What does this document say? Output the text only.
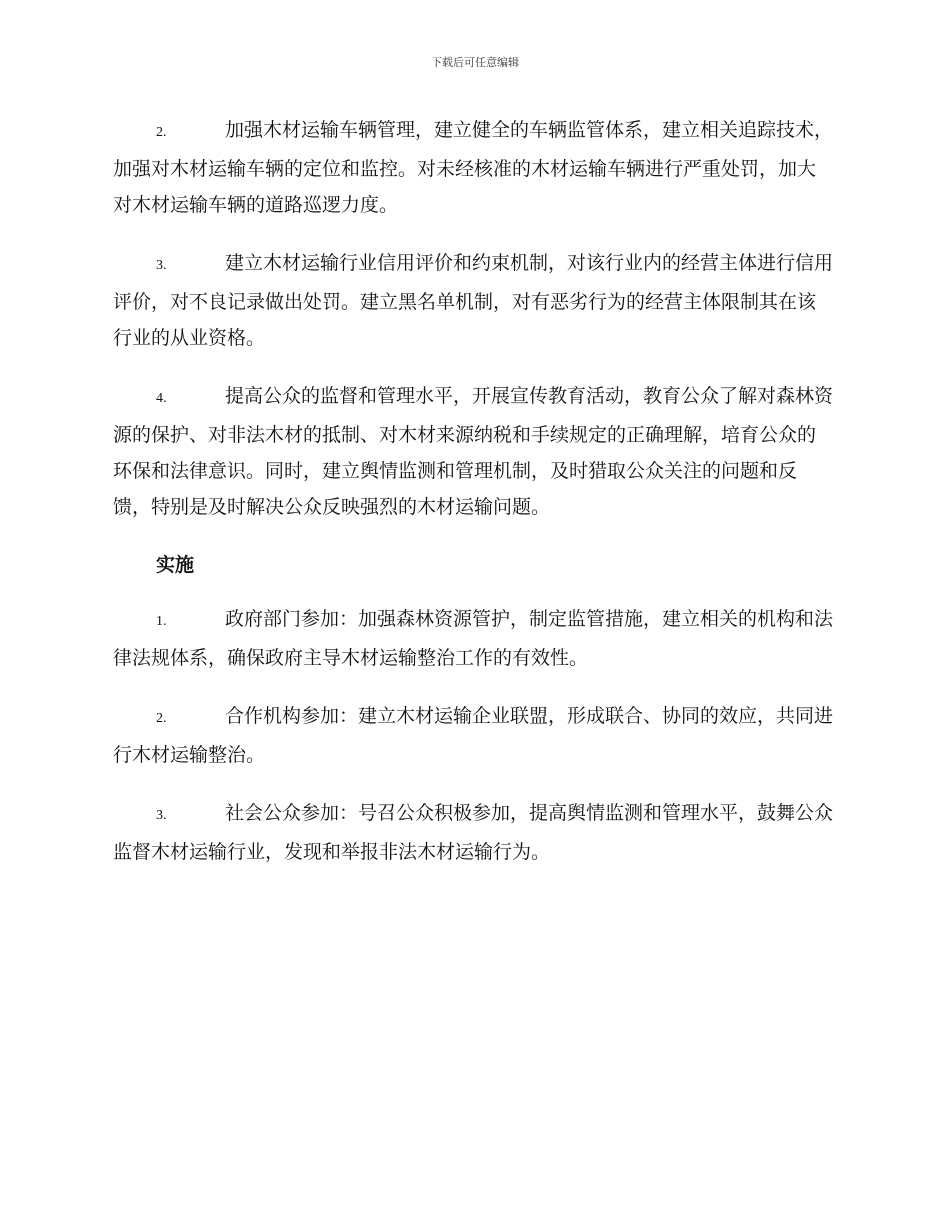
下载后可任意编辑

2.	加强木材运输车辆管理，建立健全的车辆监管体系，建立相关追踪技术，加强对木材运输车辆的定位和监控。对未经核准的木材运输车辆进行严重处罚，加大对木材运输车辆的道路巡逻力度。

3.	建立木材运输行业信用评价和约束机制，对该行业内的经营主体进行信用评价，对不良记录做出处罚。建立黑名单机制，对有恶劣行为的经营主体限制其在该行业的从业资格。

4.	提高公众的监督和管理水平，开展宣传教育活动，教育公众了解对森林资源的保护、对非法木材的抵制、对木材来源纳税和手续规定的正确理解，培育公众的环保和法律意识。同时，建立舆情监测和管理机制，及时猎取公众关注的问题和反馈，特别是及时解决公众反映强烈的木材运输问题。

实施

1.	政府部门参加：加强森林资源管护，制定监管措施，建立相关的机构和法律法规体系，确保政府主导木材运输整治工作的有效性。

2.	合作机构参加：建立木材运输企业联盟，形成联合、协同的效应，共同进行木材运输整治。

3.	社会公众参加：号召公众积极参加，提高舆情监测和管理水平，鼓舞公众监督木材运输行业，发现和举报非法木材运输行为。
